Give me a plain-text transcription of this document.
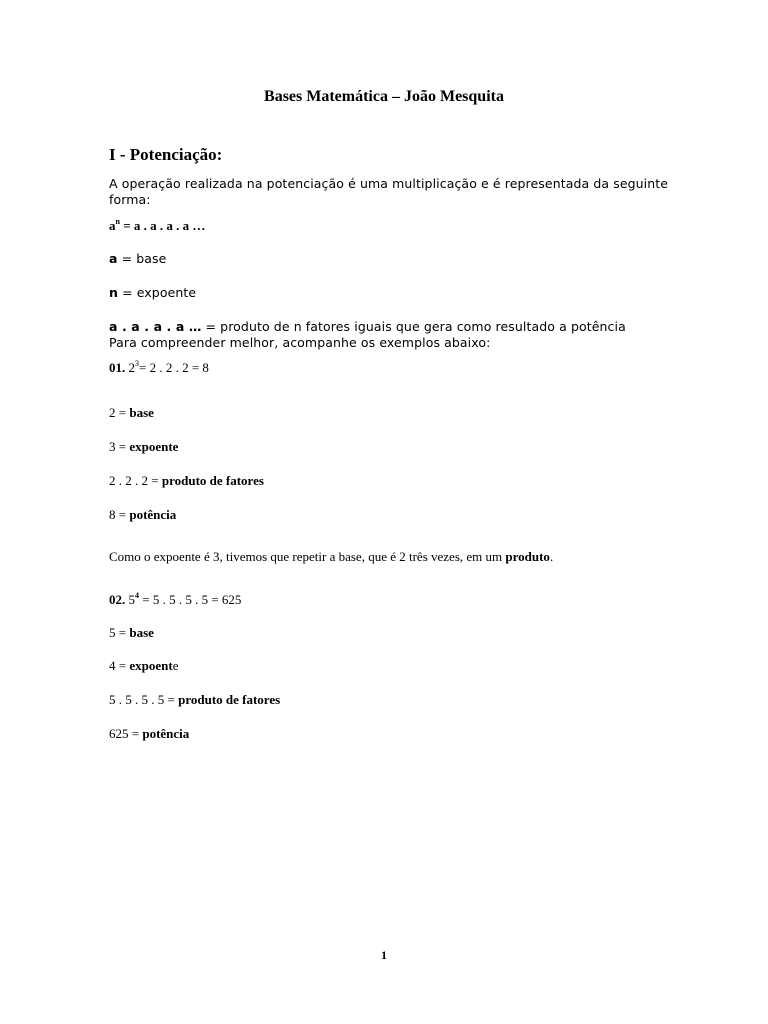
Bases Matemática – João Mesquita
I - Potenciação:
A operação realizada na potenciação é uma multiplicação e é representada da seguinte
forma:
$a^n = a$ . a . a . a …
a = base
n = expoente
a . a . a . a … = produto de n fatores iguais que gera como resultado a potência
Para compreender melhor, acompanhe os exemplos abaixo:
01. $2^3= 2$ . 2 . 2 = 8
2 = base
3 = expoente
2 . 2 . 2 = produto de fatores
8 = potência
Como o expoente é 3, tivemos que repetir a base, que é 2 três vezes, em um produto.
02. $5^4 = 5$ . 5 . 5 . 5 = 625
5 = base
4 = expoente
5 . 5 . 5 . 5 = produto de fatores
625 = potência
1
